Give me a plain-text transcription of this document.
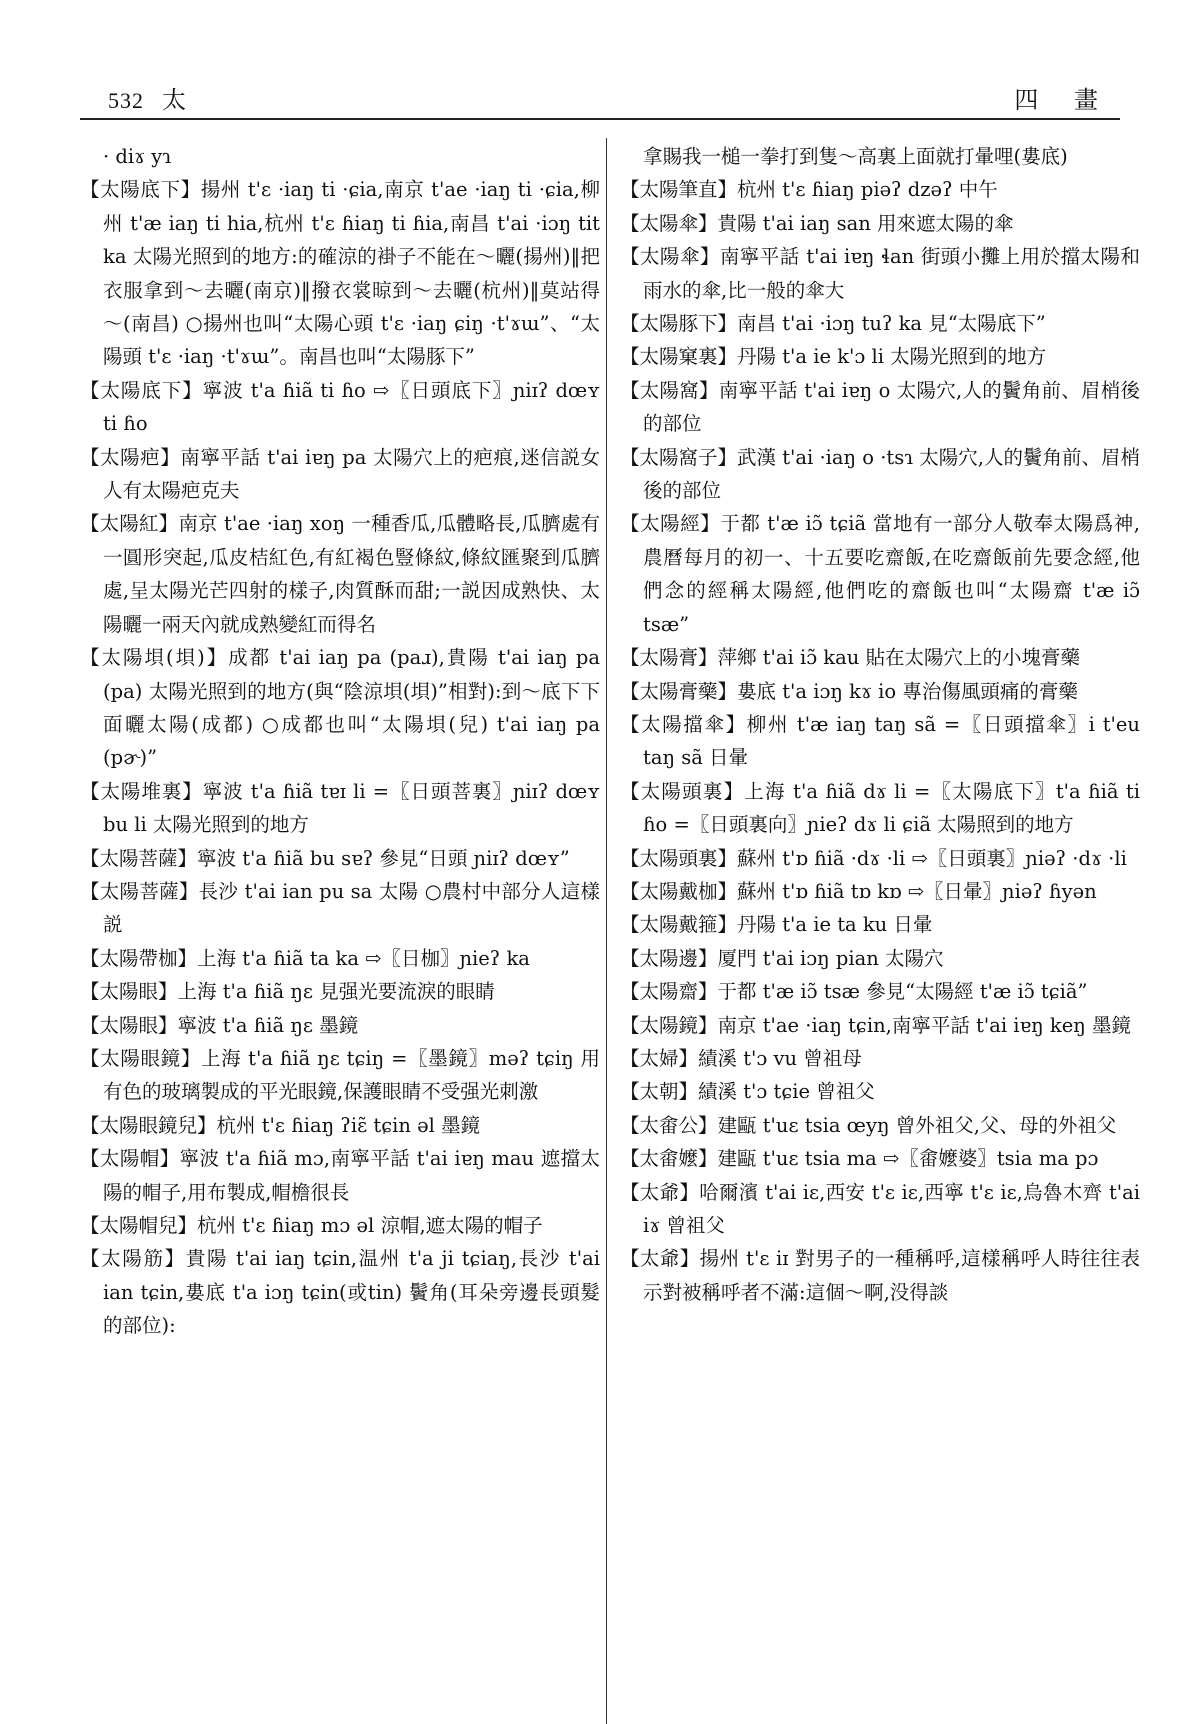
532 太	四 畫

· diɤ yɿ

【太陽底下】揚州 t'ɛ ·iaŋ ti ·ɕia,南京 t'ae ·iaŋ ti ·ɕia,柳州 t'æ iaŋ ti hia,杭州 t'ɛ ɦiaŋ ti ɦia,南昌 t'ai ·iɔŋ tit ka 太陽光照到的地方:的確涼的褂子不能在～曬(揚州)‖把衣服拿到～去曬(南京)‖撥衣裳晾到～去曬(杭州)‖莫站得～(南昌) ○揚州也叫“太陽心頭 t'ɛ ·iaŋ ɕiŋ ·t'ɤɯ”、“太陽頭 t'ɛ ·iaŋ ·t'ɤɯ”。南昌也叫“太陽豚下”

【太陽底下】寧波 t'a ɦiã ti ɦo ⇨〖日頭底下〗ɲiɪʔ dœʏ ti ɦo

【太陽疤】南寧平話 t'ai iɐŋ pa 太陽穴上的疤痕,迷信説女人有太陽疤克夫

【太陽紅】南京 t'ae ·iaŋ xoŋ 一種香瓜,瓜體略長,瓜臍處有一圓形突起,瓜皮桔紅色,有紅褐色豎條紋,條紋匯聚到瓜臍處,呈太陽光芒四射的樣子,肉質酥而甜;一説因成熟快、太陽曬一兩天內就成熟變紅而得名

【太陽垻(垻)】成都 t'ai iaŋ pa (paɹ),貴陽 t'ai iaŋ pa (pa) 太陽光照到的地方(與“陰涼垻(垻)”相對):到～底下下面曬太陽(成都) ○成都也叫“太陽垻(兒) t'ai iaŋ pa (pɚ)”

【太陽堆裏】寧波 t'a ɦiã tɐɪ li =〖日頭菩裏〗ɲiɪʔ dœʏ bu li 太陽光照到的地方

【太陽菩薩】寧波 t'a ɦiã bu sɐʔ 參見“日頭 ɲiɪʔ dœʏ”

【太陽菩薩】長沙 t'ai ian pu sa 太陽 ○農村中部分人這樣説

【太陽帶枷】上海 t'a ɦiã ta ka ⇨〖日枷〗ɲieʔ ka

【太陽眼】上海 t'a ɦiã ŋɛ 見强光要流淚的眼睛

【太陽眼】寧波 t'a ɦiã ŋɛ 墨鏡

【太陽眼鏡】上海 t'a ɦiã ŋɛ tɕiŋ =〖墨鏡〗məʔ tɕiŋ 用有色的玻璃製成的平光眼鏡,保護眼睛不受强光刺激

【太陽眼鏡兒】杭州 t'ɛ ɦiaŋ ʔiɛ̃ tɕin əl 墨鏡

【太陽帽】寧波 t'a ɦiã mɔ,南寧平話 t'ai iɐŋ mau 遮擋太陽的帽子,用布製成,帽檐很長

【太陽帽兒】杭州 t'ɛ ɦiaŋ mɔ əl 涼帽,遮太陽的帽子

【太陽筋】貴陽 t'ai iaŋ tɕin,温州 t'a ji tɕiaŋ,長沙 t'ai ian tɕin,婁底 t'a iɔŋ tɕin(或tin) 鬢角(耳朵旁邊長頭髮的部位):

拿賜我一槌一拳打到隻～高裏上面就打暈哩(婁底)

【太陽筆直】杭州 t'ɛ ɦiaŋ piəʔ dzəʔ 中午

【太陽傘】貴陽 t'ai iaŋ san 用來遮太陽的傘

【太陽傘】南寧平話 t'ai iɐŋ ɬan 街頭小攤上用於擋太陽和雨水的傘,比一般的傘大

【太陽豚下】南昌 t'ai ·iɔŋ tuʔ ka 見“太陽底下”

【太陽窠裏】丹陽 t'a ie k'ɔ li 太陽光照到的地方

【太陽窩】南寧平話 t'ai iɐŋ o 太陽穴,人的鬢角前、眉梢後的部位

【太陽窩子】武漢 t'ai ·iaŋ o ·tsɿ 太陽穴,人的鬢角前、眉梢後的部位

【太陽經】于都 t'æ iɔ̃ tɕiã 當地有一部分人敬奉太陽爲神,農曆每月的初一、十五要吃齋飯,在吃齋飯前先要念經,他們念的經稱太陽經,他們吃的齋飯也叫“太陽齋 t'æ iɔ̃ tsæ”

【太陽膏】萍鄉 t'ai iɔ̃ kau 貼在太陽穴上的小塊膏藥

【太陽膏藥】婁底 t'a iɔŋ kɤ io 專治傷風頭痛的膏藥

【太陽擋傘】柳州 t'æ iaŋ taŋ sã =〖日頭擋傘〗i t'eu taŋ sã 日暈

【太陽頭裏】上海 t'a ɦiã dɤ li =〖太陽底下〗t'a ɦiã ti ɦo =〖日頭裏向〗ɲieʔ dɤ li ɕiã 太陽照到的地方

【太陽頭裏】蘇州 t'ɒ ɦiã ·dɤ ·li ⇨〖日頭裏〗ɲiəʔ ·dɤ ·li

【太陽戴枷】蘇州 t'ɒ ɦiã tɒ kɒ ⇨〖日暈〗ɲiəʔ ɦyən

【太陽戴箍】丹陽 t'a ie ta ku 日暈

【太陽邊】厦門 t'ai iɔŋ pian 太陽穴

【太陽齋】于都 t'æ iɔ̃ tsæ 參見“太陽經 t'æ iɔ̃ tɕiã”

【太陽鏡】南京 t'ae ·iaŋ tɕin,南寧平話 t'ai iɐŋ keŋ 墨鏡

【太婦】績溪 t'ɔ vu 曾祖母

【太朝】績溪 t'ɔ tɕie 曾祖父

【太畬公】建甌 t'uɛ tsia œyŋ 曾外祖父,父、母的外祖父

【太畬嬤】建甌 t'uɛ tsia ma ⇨〖畬嬤婆〗tsia ma pɔ

【太爺】哈爾濱 t'ai iɛ,西安 t'ɛ iɛ,西寧 t'ɛ iɛ,烏魯木齊 t'ai iɤ 曾祖父

【太爺】揚州 t'ɛ iɪ 對男子的一種稱呼,這樣稱呼人時往往表示對被稱呼者不滿:這個～啊,没得談
